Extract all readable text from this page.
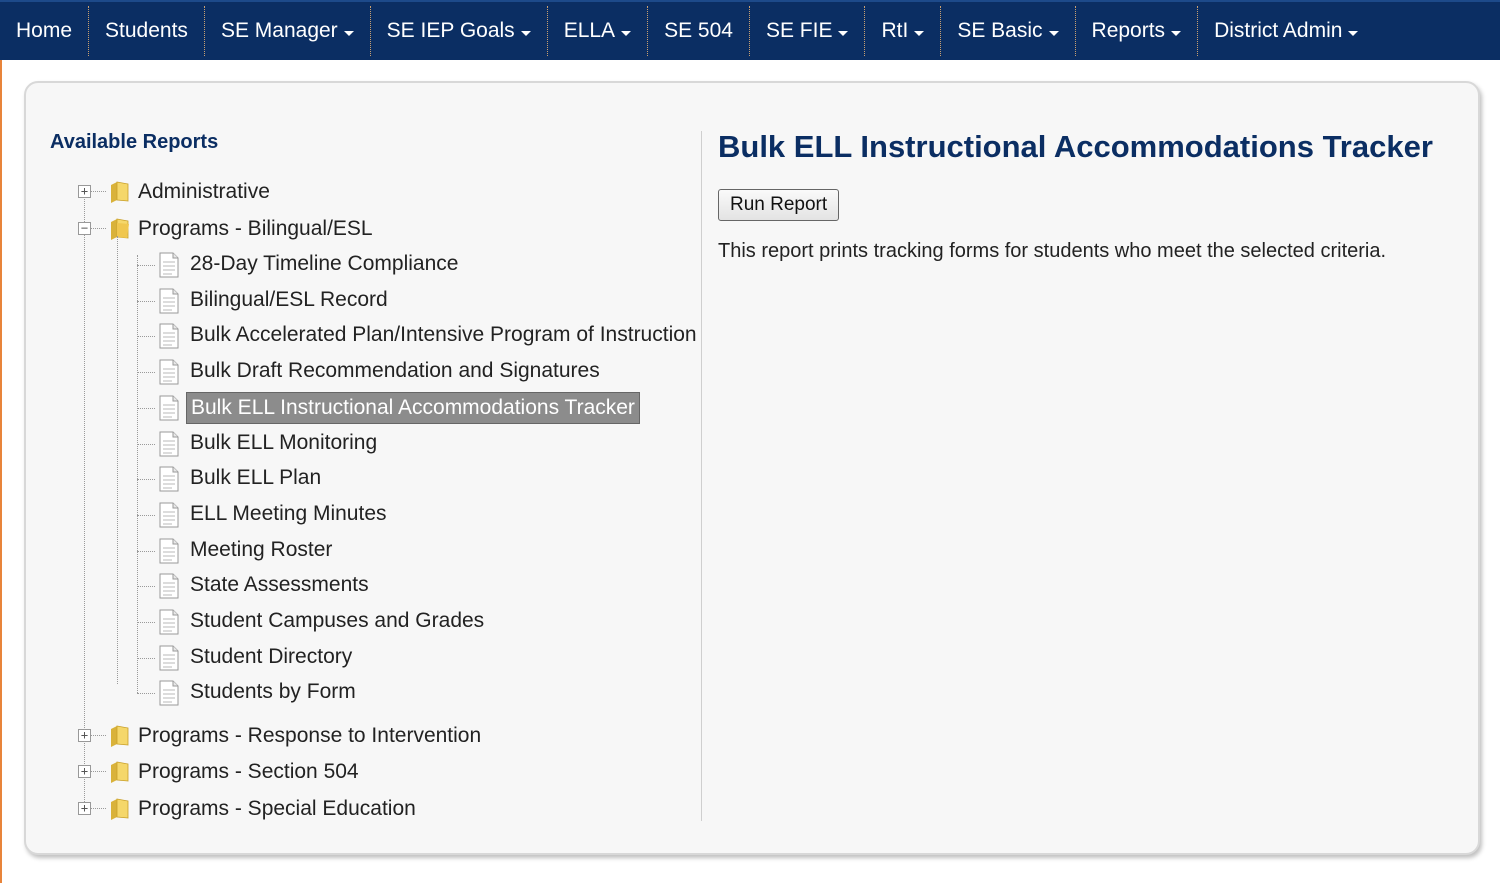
Home Students SE Manager SE IEP Goals ELLA SE 504 SE FIE RtI SE Basic Reports District Admin
Available Reports
+ Administrative
− Programs - Bilingual/ESL
28-Day Timeline Compliance
Bilingual/ESL Record
Bulk Accelerated Plan/Intensive Program of Instruction
Bulk Draft Recommendation and Signatures
Bulk ELL Instructional Accommodations Tracker
Bulk ELL Monitoring
Bulk ELL Plan
ELL Meeting Minutes
Meeting Roster
State Assessments
Student Campuses and Grades
Student Directory
Students by Form
+ Programs - Response to Intervention
+ Programs - Section 504
+ Programs - Special Education
Bulk ELL Instructional Accommodations Tracker
Run Report
This report prints tracking forms for students who meet the selected criteria.
